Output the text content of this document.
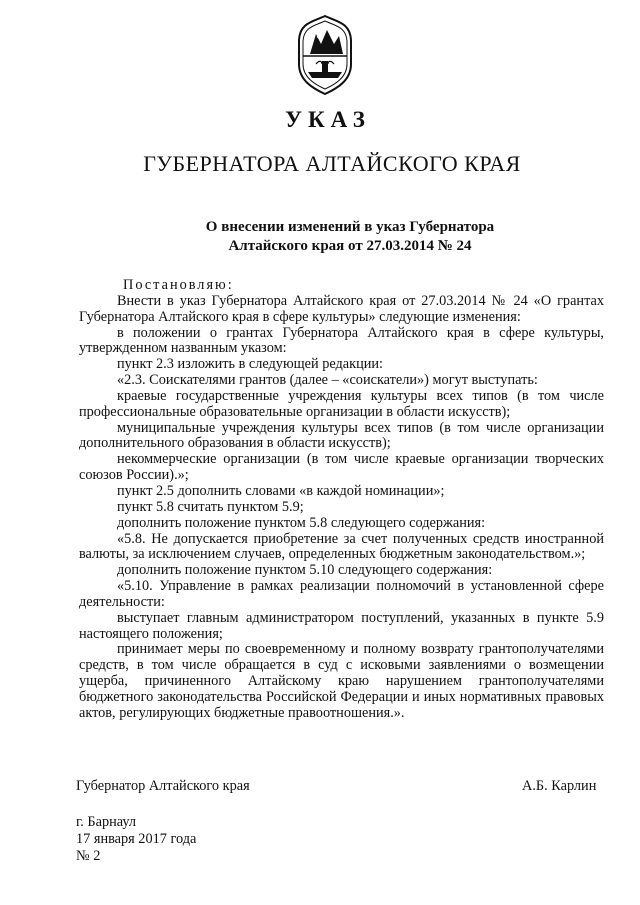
УКАЗ
ГУБЕРНАТОРА АЛТАЙСКОГО КРАЯ
О внесении изменений в указ Губернатора
Алтайского края от 27.03.2014 № 24

Постановляю:

Внести в указ Губернатора Алтайского края от 27.03.2014 № 24 «О грантах Губернатора Алтайского края в сфере культуры» следующие изменения:

в положении о грантах Губернатора Алтайского края в сфере культуры, утвержденном названным указом:

пункт 2.3 изложить в следующей редакции:

«2.3. Соискателями грантов (далее – «соискатели») могут выступать:

краевые государственные учреждения культуры всех типов (в том числе профессиональные образовательные организации в области искусств);

муниципальные учреждения культуры всех типов (в том числе организации дополнительного образования в области искусств);

некоммерческие организации (в том числе краевые организации творческих союзов России).»;

пункт 2.5 дополнить словами «в каждой номинации»;

пункт 5.8 считать пунктом 5.9;

дополнить положение пунктом 5.8 следующего содержания:

«5.8. Не допускается приобретение за счет полученных средств иностранной валюты, за исключением случаев, определенных бюджетным законодательством.»;

дополнить положение пунктом 5.10 следующего содержания:

«5.10. Управление в рамках реализации полномочий в установленной сфере деятельности:

выступает главным администратором поступлений, указанных в пункте 5.9 настоящего положения;

принимает меры по своевременному и полному возврату грантополучателями средств, в том числе обращается в суд с исковыми заявлениями о возмещении ущерба, причиненного Алтайскому краю нарушением грантополучателями бюджетного законодательства Российской Федерации и иных нормативных правовых актов, регулирующих бюджетные правоотношения.».

Губернатор Алтайского края	А.Б. Карлин
г. Барнаул
17 января 2017 года
№ 2
